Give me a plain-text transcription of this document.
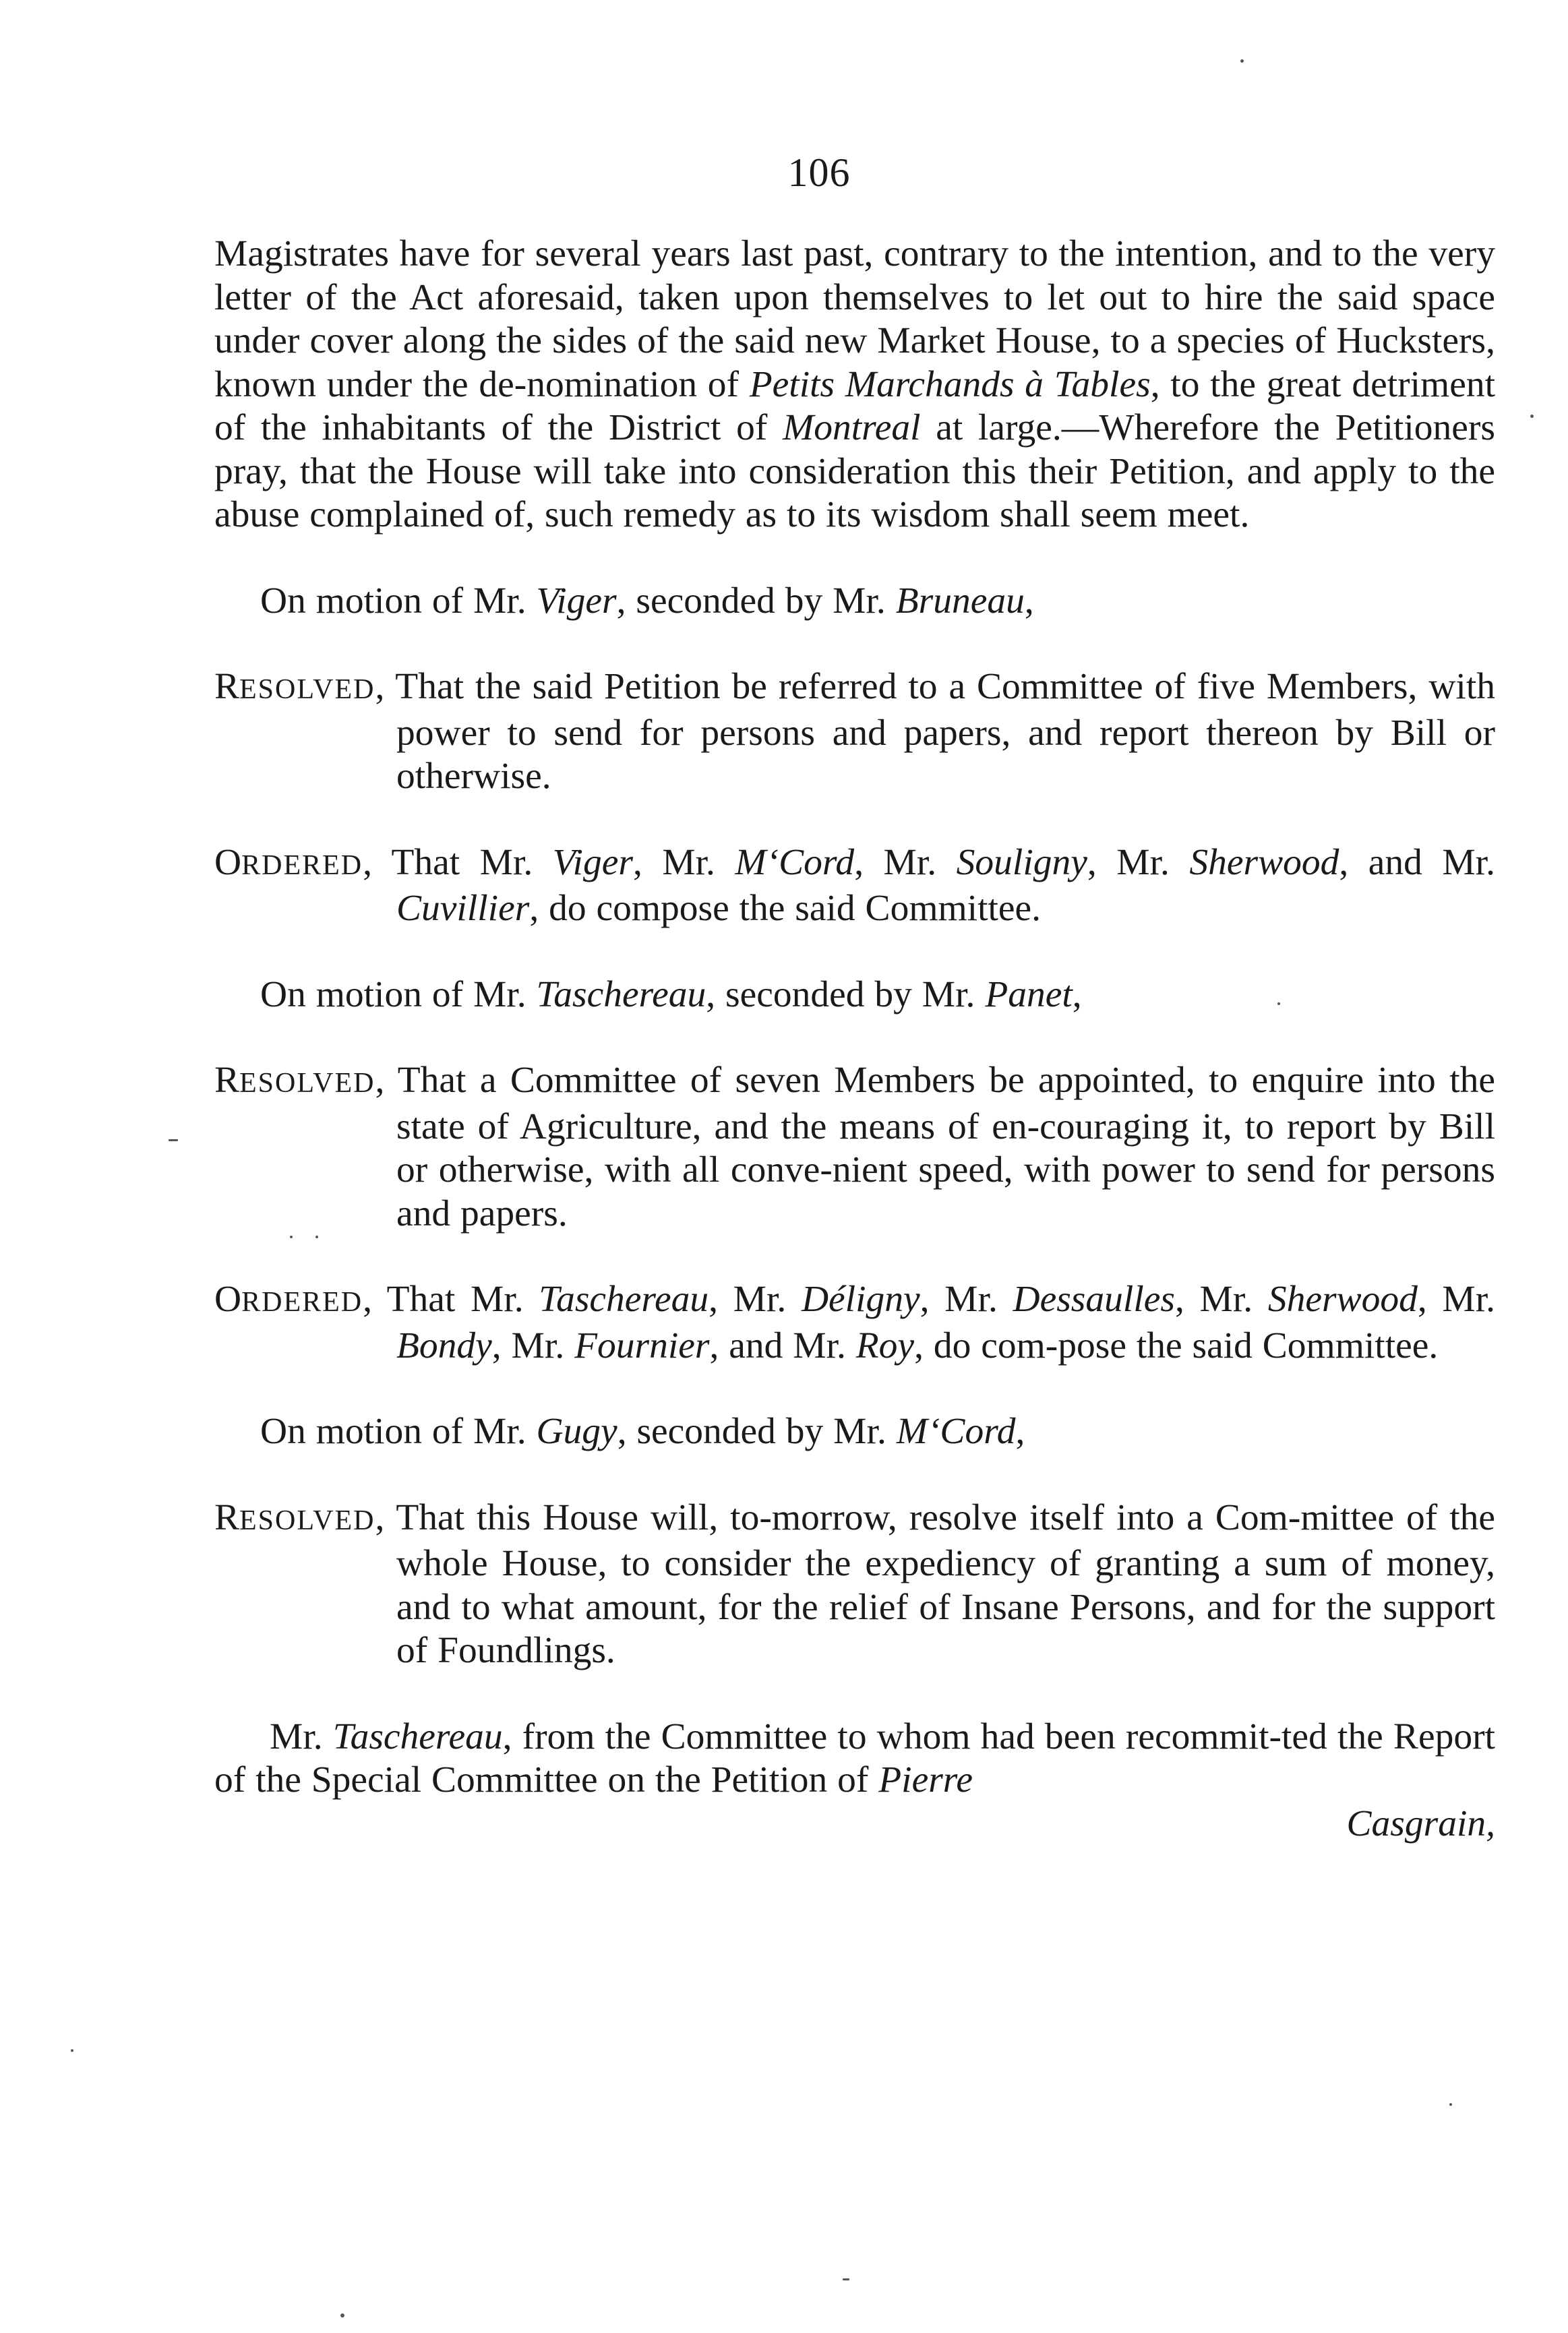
106

Magistrates have for several years last past, contrary to the intention, and to the very letter of the Act aforesaid, taken upon themselves to let out to hire the said space under cover along the sides of the said new Market House, to a species of Hucksters, known under the de-nomination of Petits Marchands à Tables, to the great detriment of the inhabitants of the District of Montreal at large.—Wherefore the Petitioners pray, that the House will take into consideration this their Petition, and apply to the abuse complained of, such remedy as to its wisdom shall seem meet.

On motion of Mr. Viger, seconded by Mr. Bruneau,

RESOLVED, That the said Petition be referred to a Committee of five Members, with power to send for persons and papers, and report thereon by Bill or otherwise.

ORDERED, That Mr. Viger, Mr. M‘Cord, Mr. Souligny, Mr. Sherwood, and Mr. Cuvillier, do compose the said Committee.

On motion of Mr. Taschereau, seconded by Mr. Panet,

RESOLVED, That a Committee of seven Members be appointed, to enquire into the state of Agriculture, and the means of en-couraging it, to report by Bill or otherwise, with all conve-nient speed, with power to send for persons and papers.

ORDERED, That Mr. Taschereau, Mr. Déligny, Mr. Dessaulles, Mr. Sherwood, Mr. Bondy, Mr. Fournier, and Mr. Roy, do com-pose the said Committee.

On motion of Mr. Gugy, seconded by Mr. M‘Cord,

RESOLVED, That this House will, to-morrow, resolve itself into a Com-mittee of the whole House, to consider the expediency of granting a sum of money, and to what amount, for the relief of Insane Persons, and for the support of Foundlings.

Mr. Taschereau, from the Committee to whom had been recommit-ted the Report of the Special Committee on the Petition of Pierre

Casgrain,
